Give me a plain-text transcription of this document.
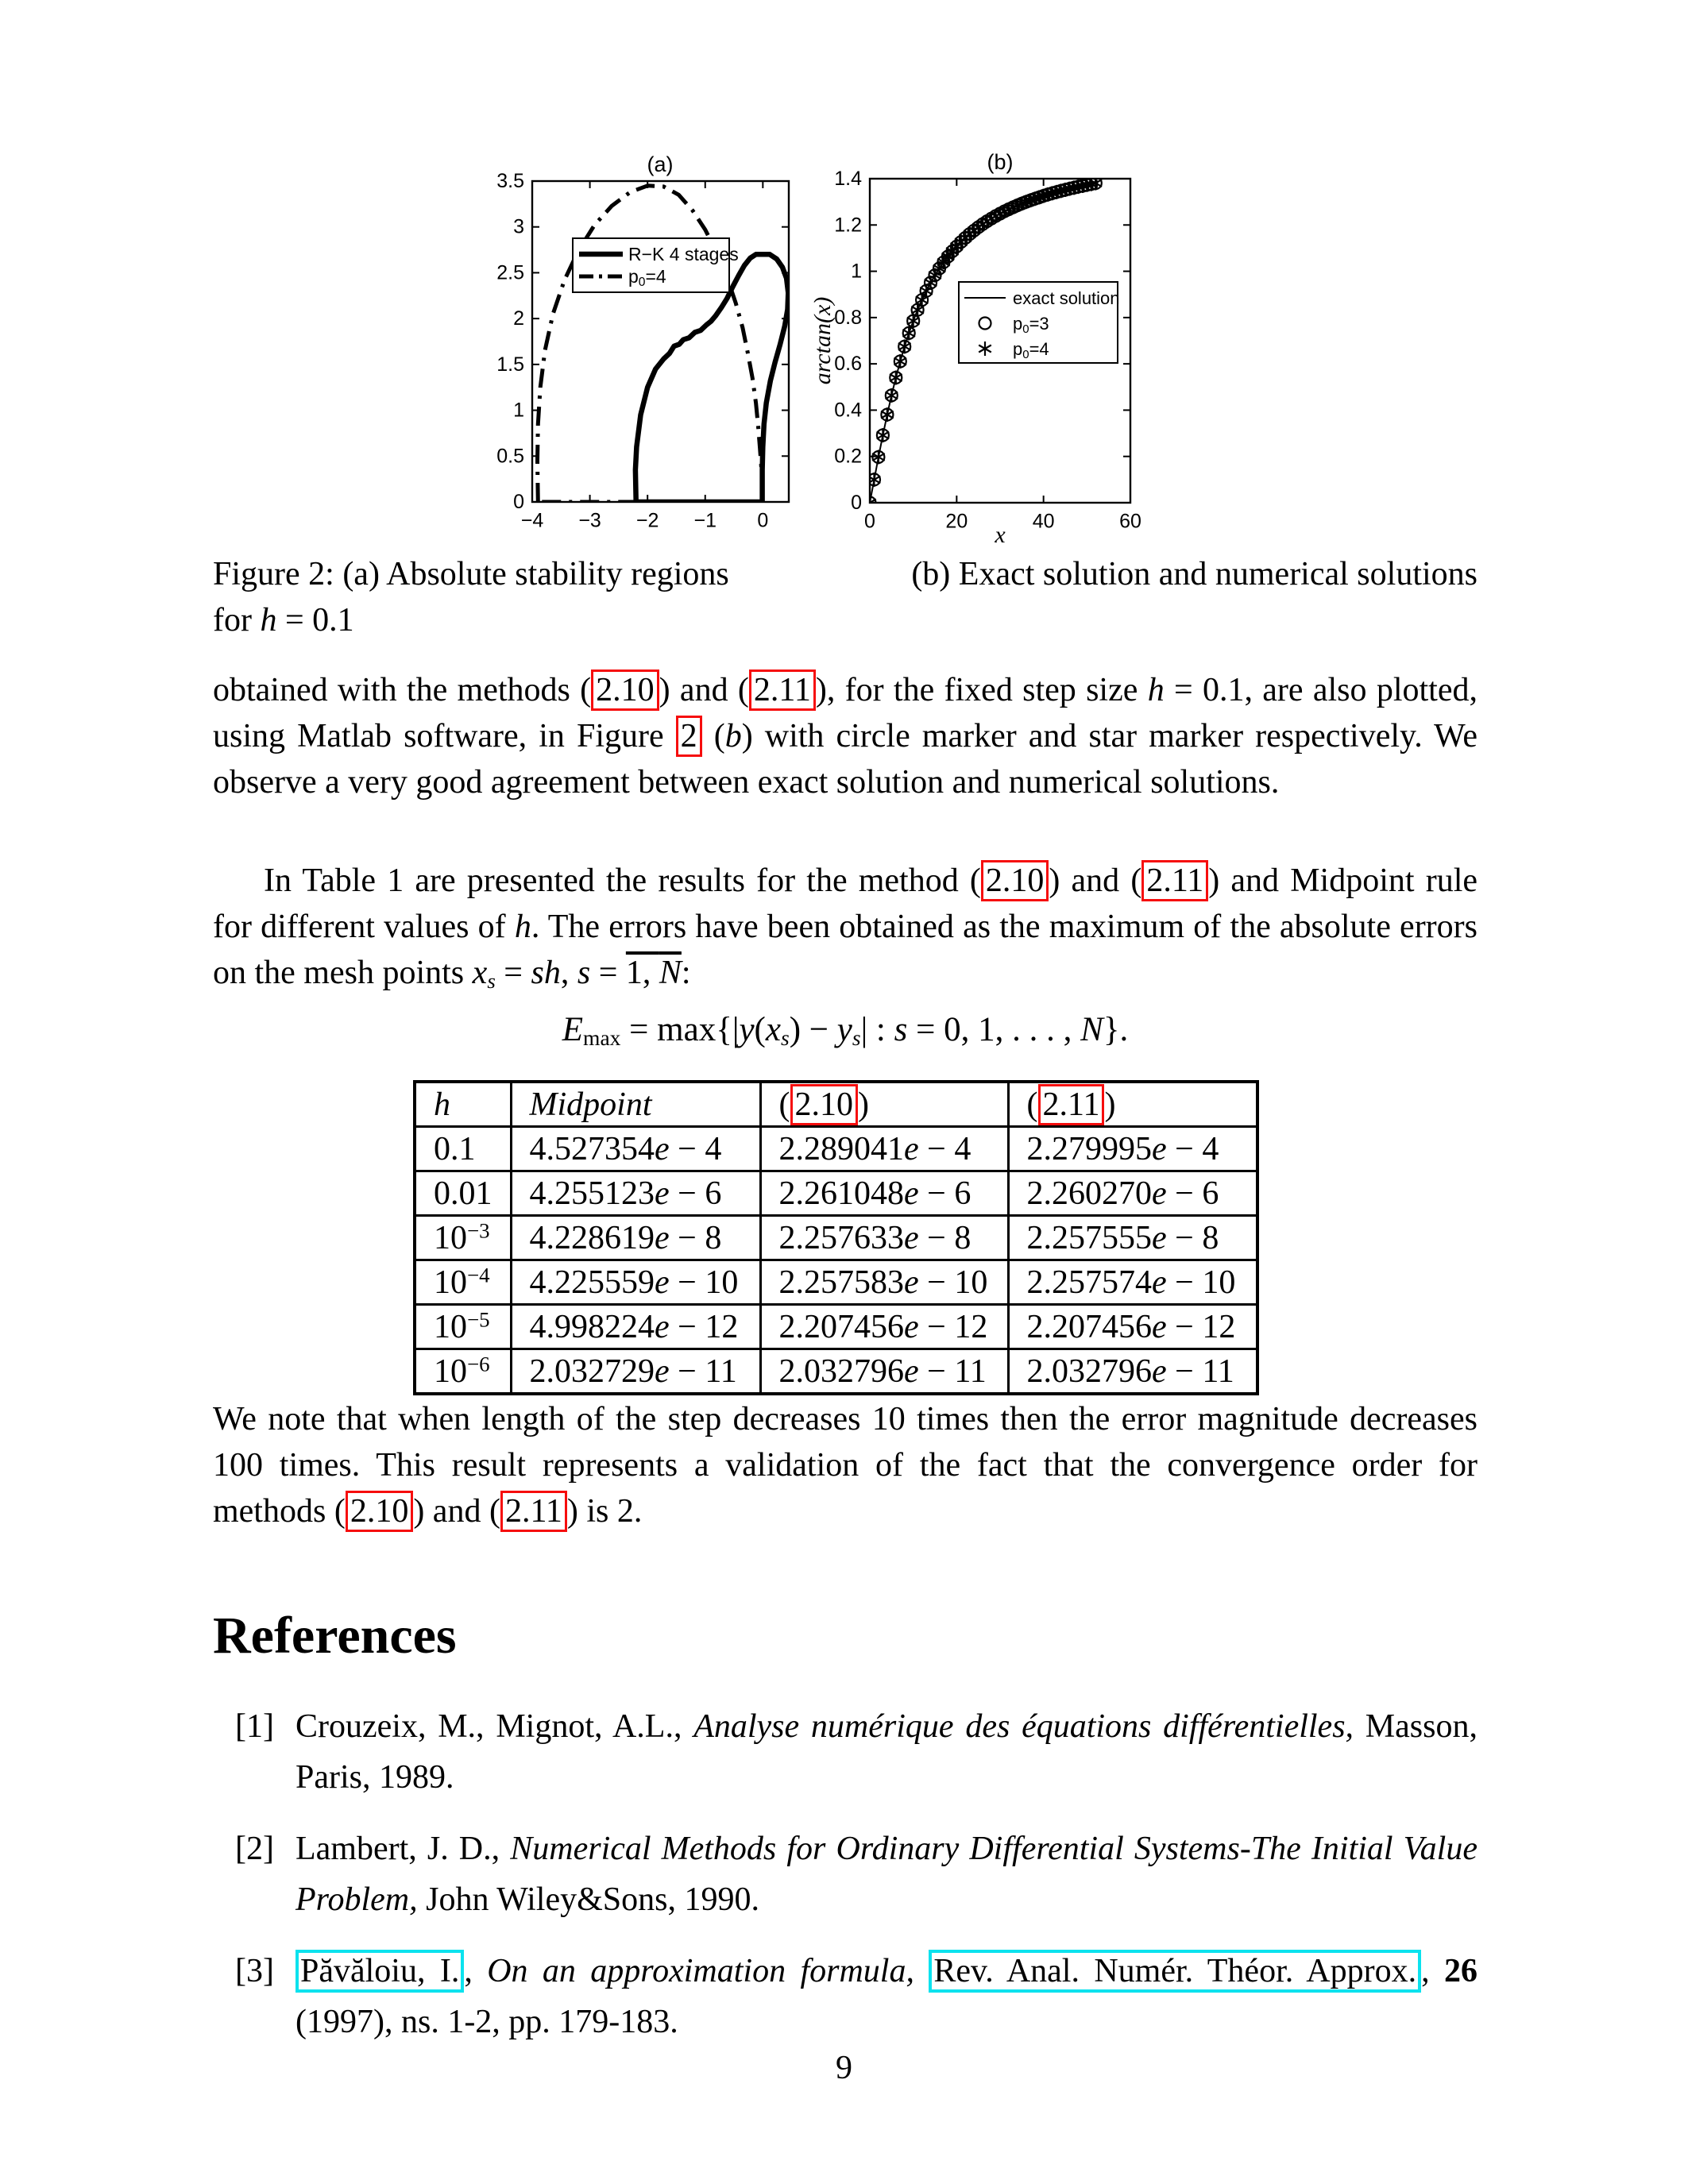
−4 −3 −2 −1 0
0
0.5
1
1.5
2
2.5
3
3.5
(a)
R−K 4 stages
$p_0=4$
0	20	40	60
0
0.2
0.4
0.6
0.8
1
1.2
1.4
(b)
x
arctan(x)	exact solution
$p_0=3$
$p_0=4$
Figure 2: (a) Absolute stability regions	(b) Exact solution and numerical solutions
for h = 0.1

obtained with the methods ( 2.10 ) and ( 2.11 ), for the fixed step size h = 0.1, are also plotted, using Matlab software, in Figure 2 (b) with circle marker and star marker respectively. We observe a very good agreement between exact solution and numerical solutions.

In Table 1 are presented the results for the method ( 2.10 ) and ( 2.11 ) and Midpoint rule for different values of h. The errors have been obtained as the maximum of the absolute errors on the mesh points $x_s$ = sh, s = 1, $\overline{N}$:

$E_{max} = \max\{|y(x_s) - y_s|$ : s = 0, 1, . . . , N}.
h	Midpoint	( 2.10 )	( 2.11 )
0.1	4.527354e − 4	2.289041e − 4	2.279995e − 4
0.01	4.255123e − 6	2.261048e − 6	2.260270e − 6
$10^{-3}$	4.228619e − 8	2.257633e − 8	2.257555e − 8
$10^{-4}$	4.225559e − 10	2.257583e − 10	2.257574e − 10
$10^{-5}$	4.998224e − 12	2.207456e − 12	2.207456e − 12
$10^{-6}$	2.032729e − 11	2.032796e − 11	2.032796e − 11

We note that when length of the step decreases 10 times then the error magnitude decreases 100 times. This result represents a validation of the fact that the convergence order for methods ( 2.10 ) and ( 2.11 ) is 2.

References
[1] Crouzeix, M., Mignot, A.L., Analyse numérique des équations différentielles, Masson, Paris, 1989.
[2] Lambert, J. D., Numerical Methods for Ordinary Differential Systems-The Initial Value Problem, John Wiley&Sons, 1990.
[3] Păvăloiu, I. , On an approximation formula, Rev. Anal. Numér. Théor. Approx. , 26 (1997), ns. 1-2, pp. 179-183.
9
